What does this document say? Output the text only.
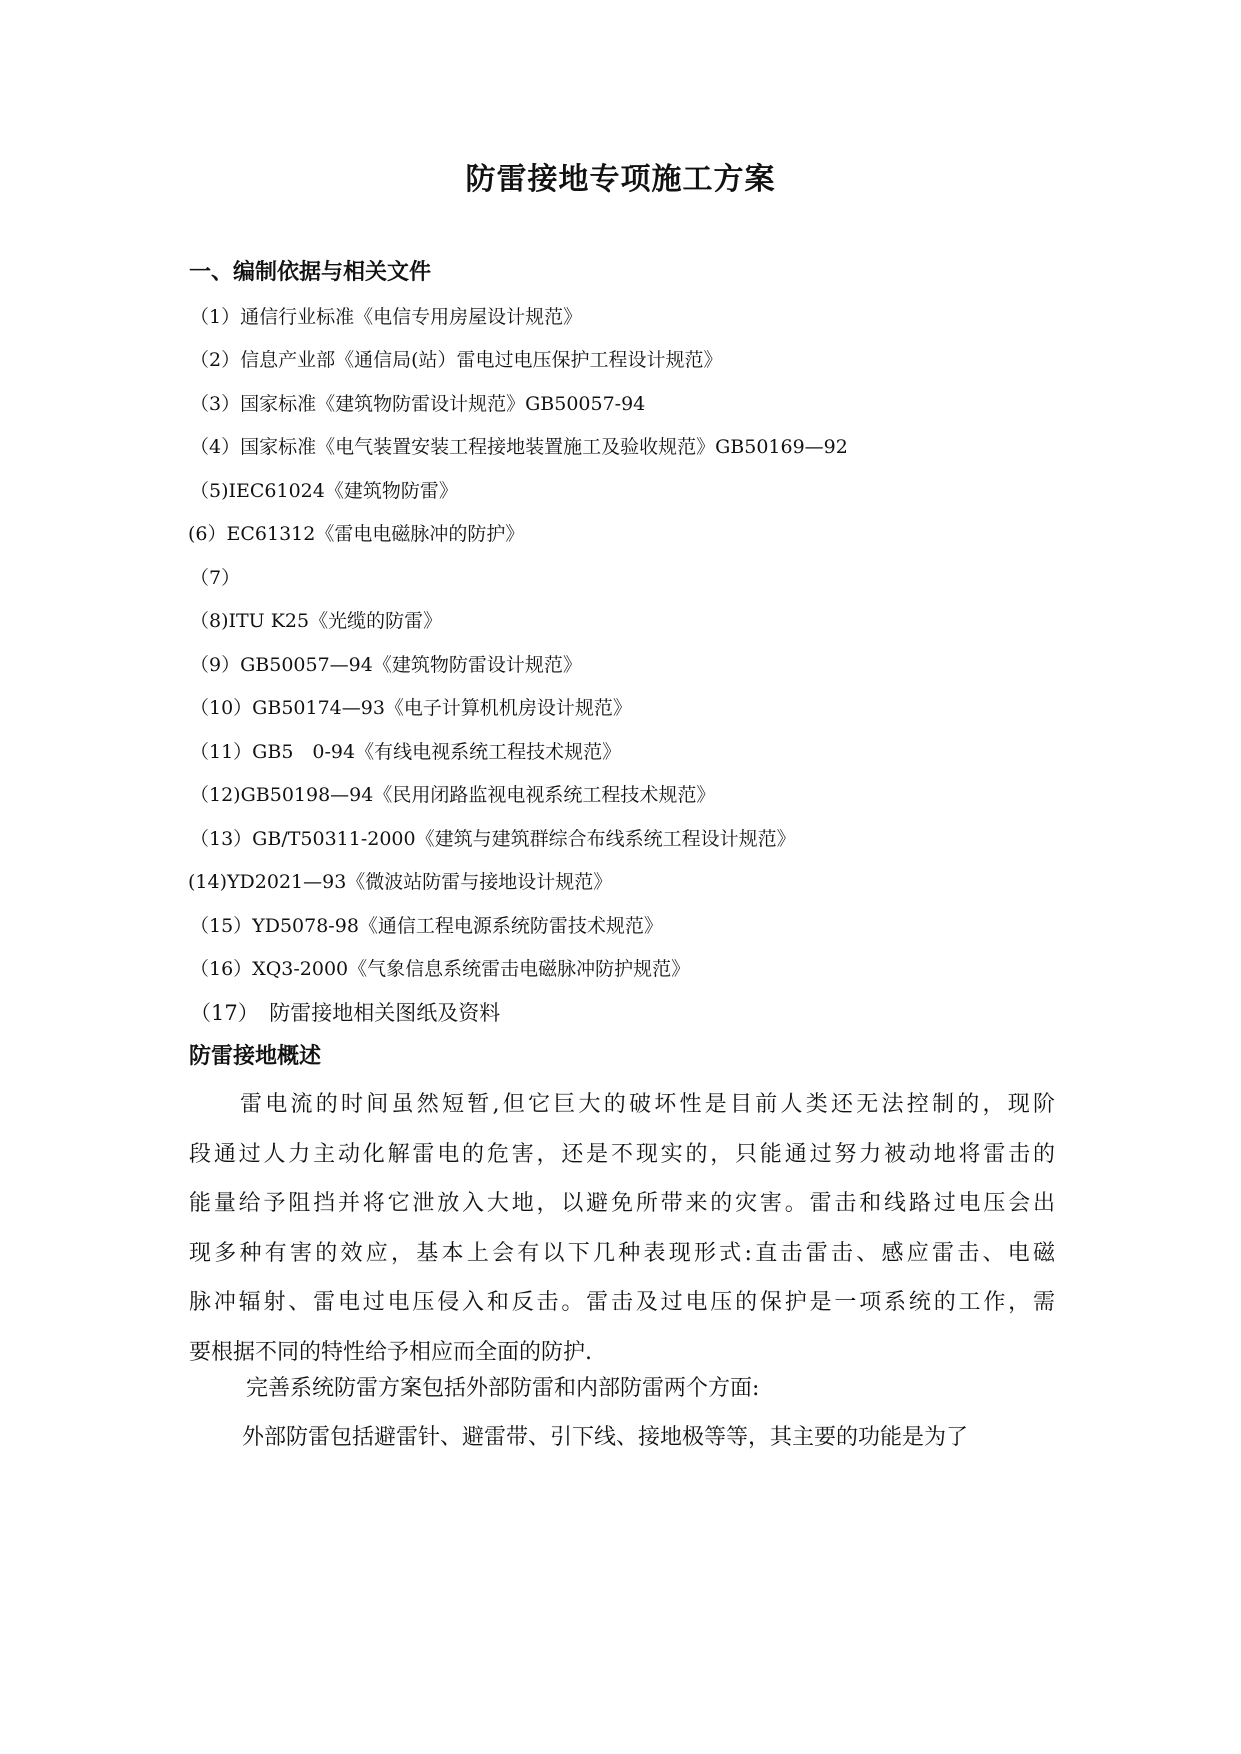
防雷接地专项施工方案
一、编制依据与相关文件
（1）通信行业标准《电信专用房屋设计规范》
（2）信息产业部《通信局(站）雷电过电压保护工程设计规范》
（3）国家标准《建筑物防雷设计规范》GB50057-94
（4）国家标准《电气装置安装工程接地装置施工及验收规范》GB50169—92
（5)IEC61024《建筑物防雷》
(6）EC61312《雷电电磁脉冲的防护》
（7）
（8)ITU K25《光缆的防雷》
（9）GB50057—94《建筑物防雷设计规范》
（10）GB50174—93《电子计算机机房设计规范》
（11）GB5　0-94《有线电视系统工程技术规范》
（12)GB50198—94《民用闭路监视电视系统工程技术规范》
（13）GB/T50311-2000《建筑与建筑群综合布线系统工程设计规范》
(14)YD2021—93《微波站防雷与接地设计规范》
（15）YD5078-98《通信工程电源系统防雷技术规范》
（16）XQ3-2000《气象信息系统雷击电磁脉冲防护规范》
（17）　防雷接地相关图纸及资料
防雷接地概述
雷电流的时间虽然短暂,但它巨大的破坏性是目前人类还无法控制的，现阶
段通过人力主动化解雷电的危害，还是不现实的，只能通过努力被动地将雷击的
能量给予阻挡并将它泄放入大地，以避免所带来的灾害。雷击和线路过电压会出
现多种有害的效应，基本上会有以下几种表现形式:直击雷击、感应雷击、电磁
脉冲辐射、雷电过电压侵入和反击。雷击及过电压的保护是一项系统的工作，需
要根据不同的特性给予相应而全面的防护.
完善系统防雷方案包括外部防雷和内部防雷两个方面:
外部防雷包括避雷针、避雷带、引下线、接地极等等，其主要的功能是为了
